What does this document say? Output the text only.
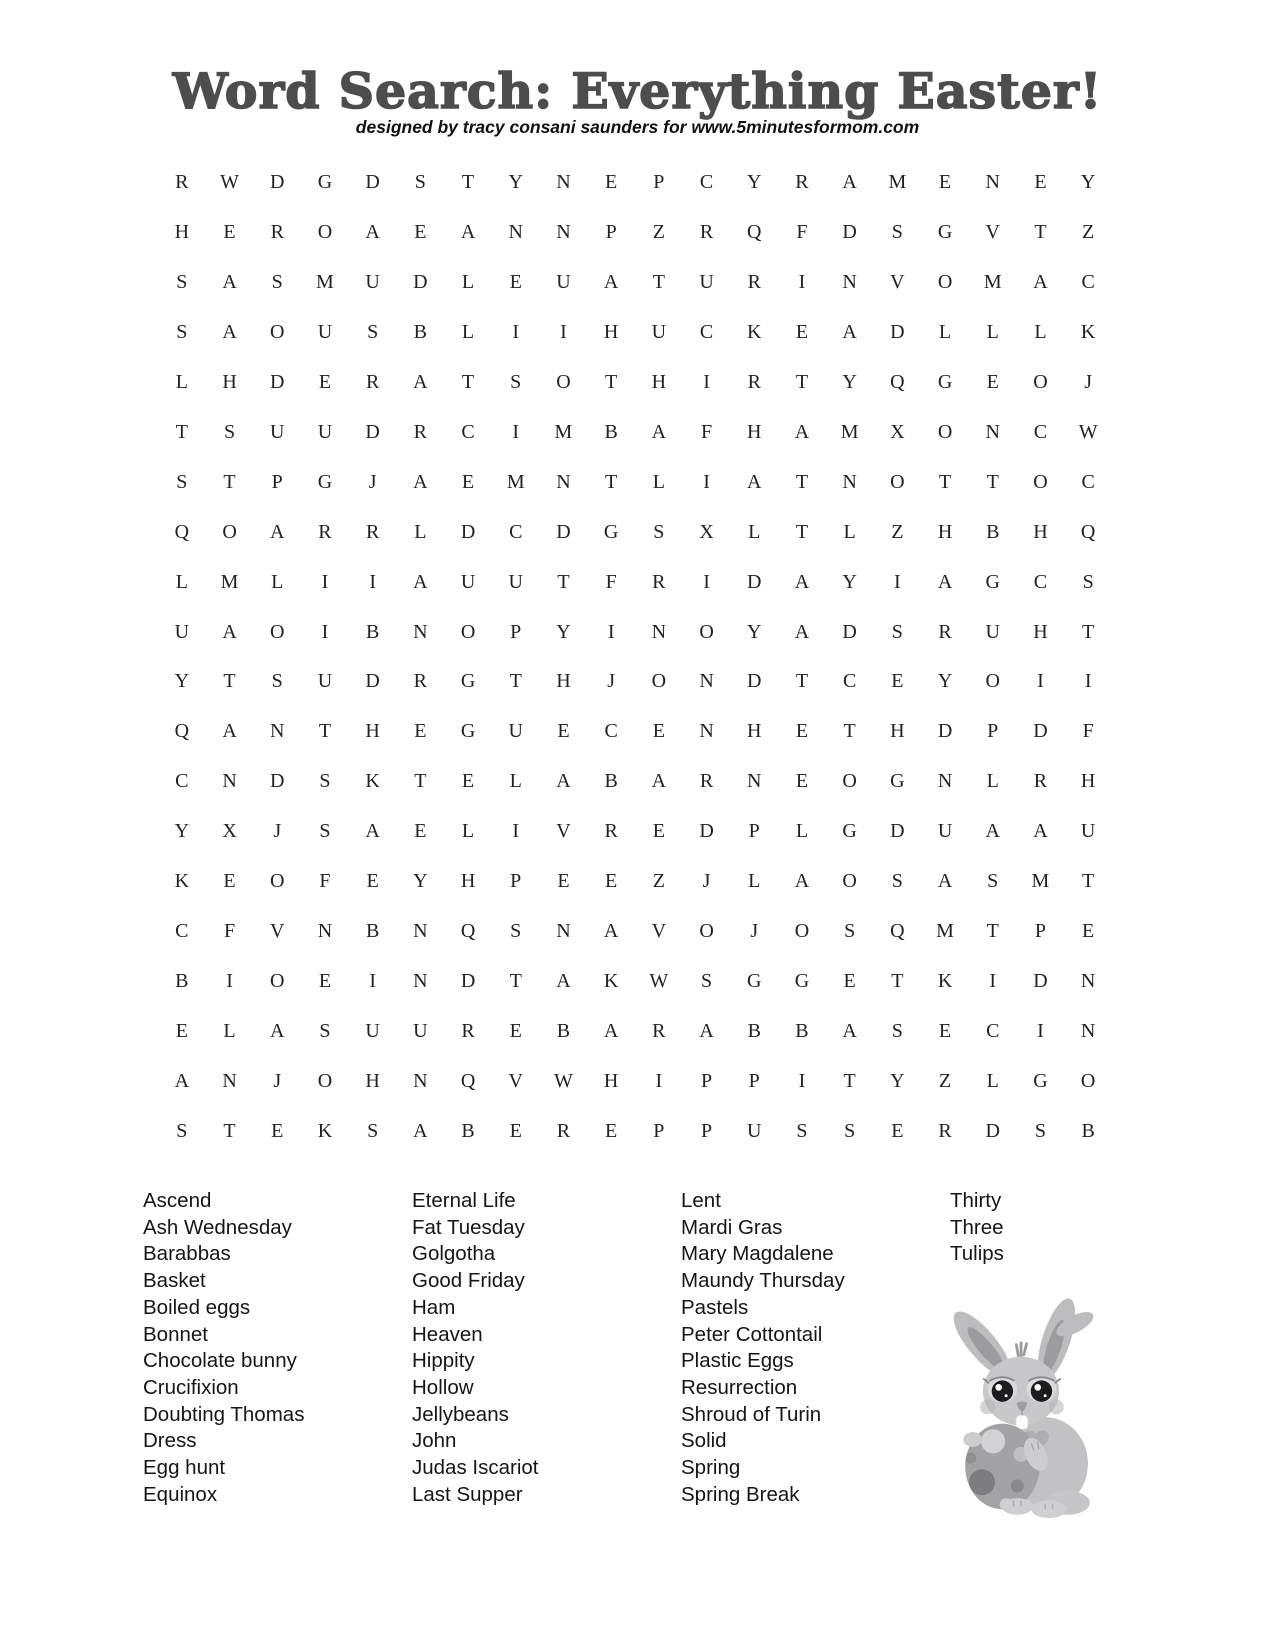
Word Search: Everything Easter!
designed by tracy consani saunders for www.5minutesformom.com
R	W	D	G	D	S	T	Y	N	E	P	C	Y	R	A	M	E	N	E	Y
H	E	R	O	A	E	A	N	N	P	Z	R	Q	F	D	S	G	V	T	Z
S	A	S	M	U	D	L	E	U	A	T	U	R	I	N	V	O	M	A	C
S	A	O	U	S	B	L	I	I	H	U	C	K	E	A	D	L	L	L	K
L	H	D	E	R	A	T	S	O	T	H	I	R	T	Y	Q	G	E	O	J
T	S	U	U	D	R	C	I	M	B	A	F	H	A	M	X	O	N	C	W
S	T	P	G	J	A	E	M	N	T	L	I	A	T	N	O	T	T	O	C
Q	O	A	R	R	L	D	C	D	G	S	X	L	T	L	Z	H	B	H	Q
L	M	L	I	I	A	U	U	T	F	R	I	D	A	Y	I	A	G	C	S
U	A	O	I	B	N	O	P	Y	I	N	O	Y	A	D	S	R	U	H	T
Y	T	S	U	D	R	G	T	H	J	O	N	D	T	C	E	Y	O	I	I
Q	A	N	T	H	E	G	U	E	C	E	N	H	E	T	H	D	P	D	F
C	N	D	S	K	T	E	L	A	B	A	R	N	E	O	G	N	L	R	H
Y	X	J	S	A	E	L	I	V	R	E	D	P	L	G	D	U	A	A	U
K	E	O	F	E	Y	H	P	E	E	Z	J	L	A	O	S	A	S	M	T
C	F	V	N	B	N	Q	S	N	A	V	O	J	O	S	Q	M	T	P	E
B	I	O	E	I	N	D	T	A	K	W	S	G	G	E	T	K	I	D	N
E	L	A	S	U	U	R	E	B	A	R	A	B	B	A	S	E	C	I	N
A	N	J	O	H	N	Q	V	W	H	I	P	P	I	T	Y	Z	L	G	O
S	T	E	K	S	A	B	E	R	E	P	P	U	S	S	E	R	D	S	B
Ascend
Ash Wednesday
Barabbas
Basket
Boiled eggs
Bonnet
Chocolate bunny
Crucifixion
Doubting Thomas
Dress
Egg hunt
Equinox
Eternal Life
Fat Tuesday
Golgotha
Good Friday
Ham
Heaven
Hippity
Hollow
Jellybeans
John
Judas Iscariot
Last Supper
Lent
Mardi Gras
Mary Magdalene
Maundy Thursday
Pastels
Peter Cottontail
Plastic Eggs
Resurrection
Shroud of Turin
Solid
Spring
Spring Break
Thirty
Three
Tulips
